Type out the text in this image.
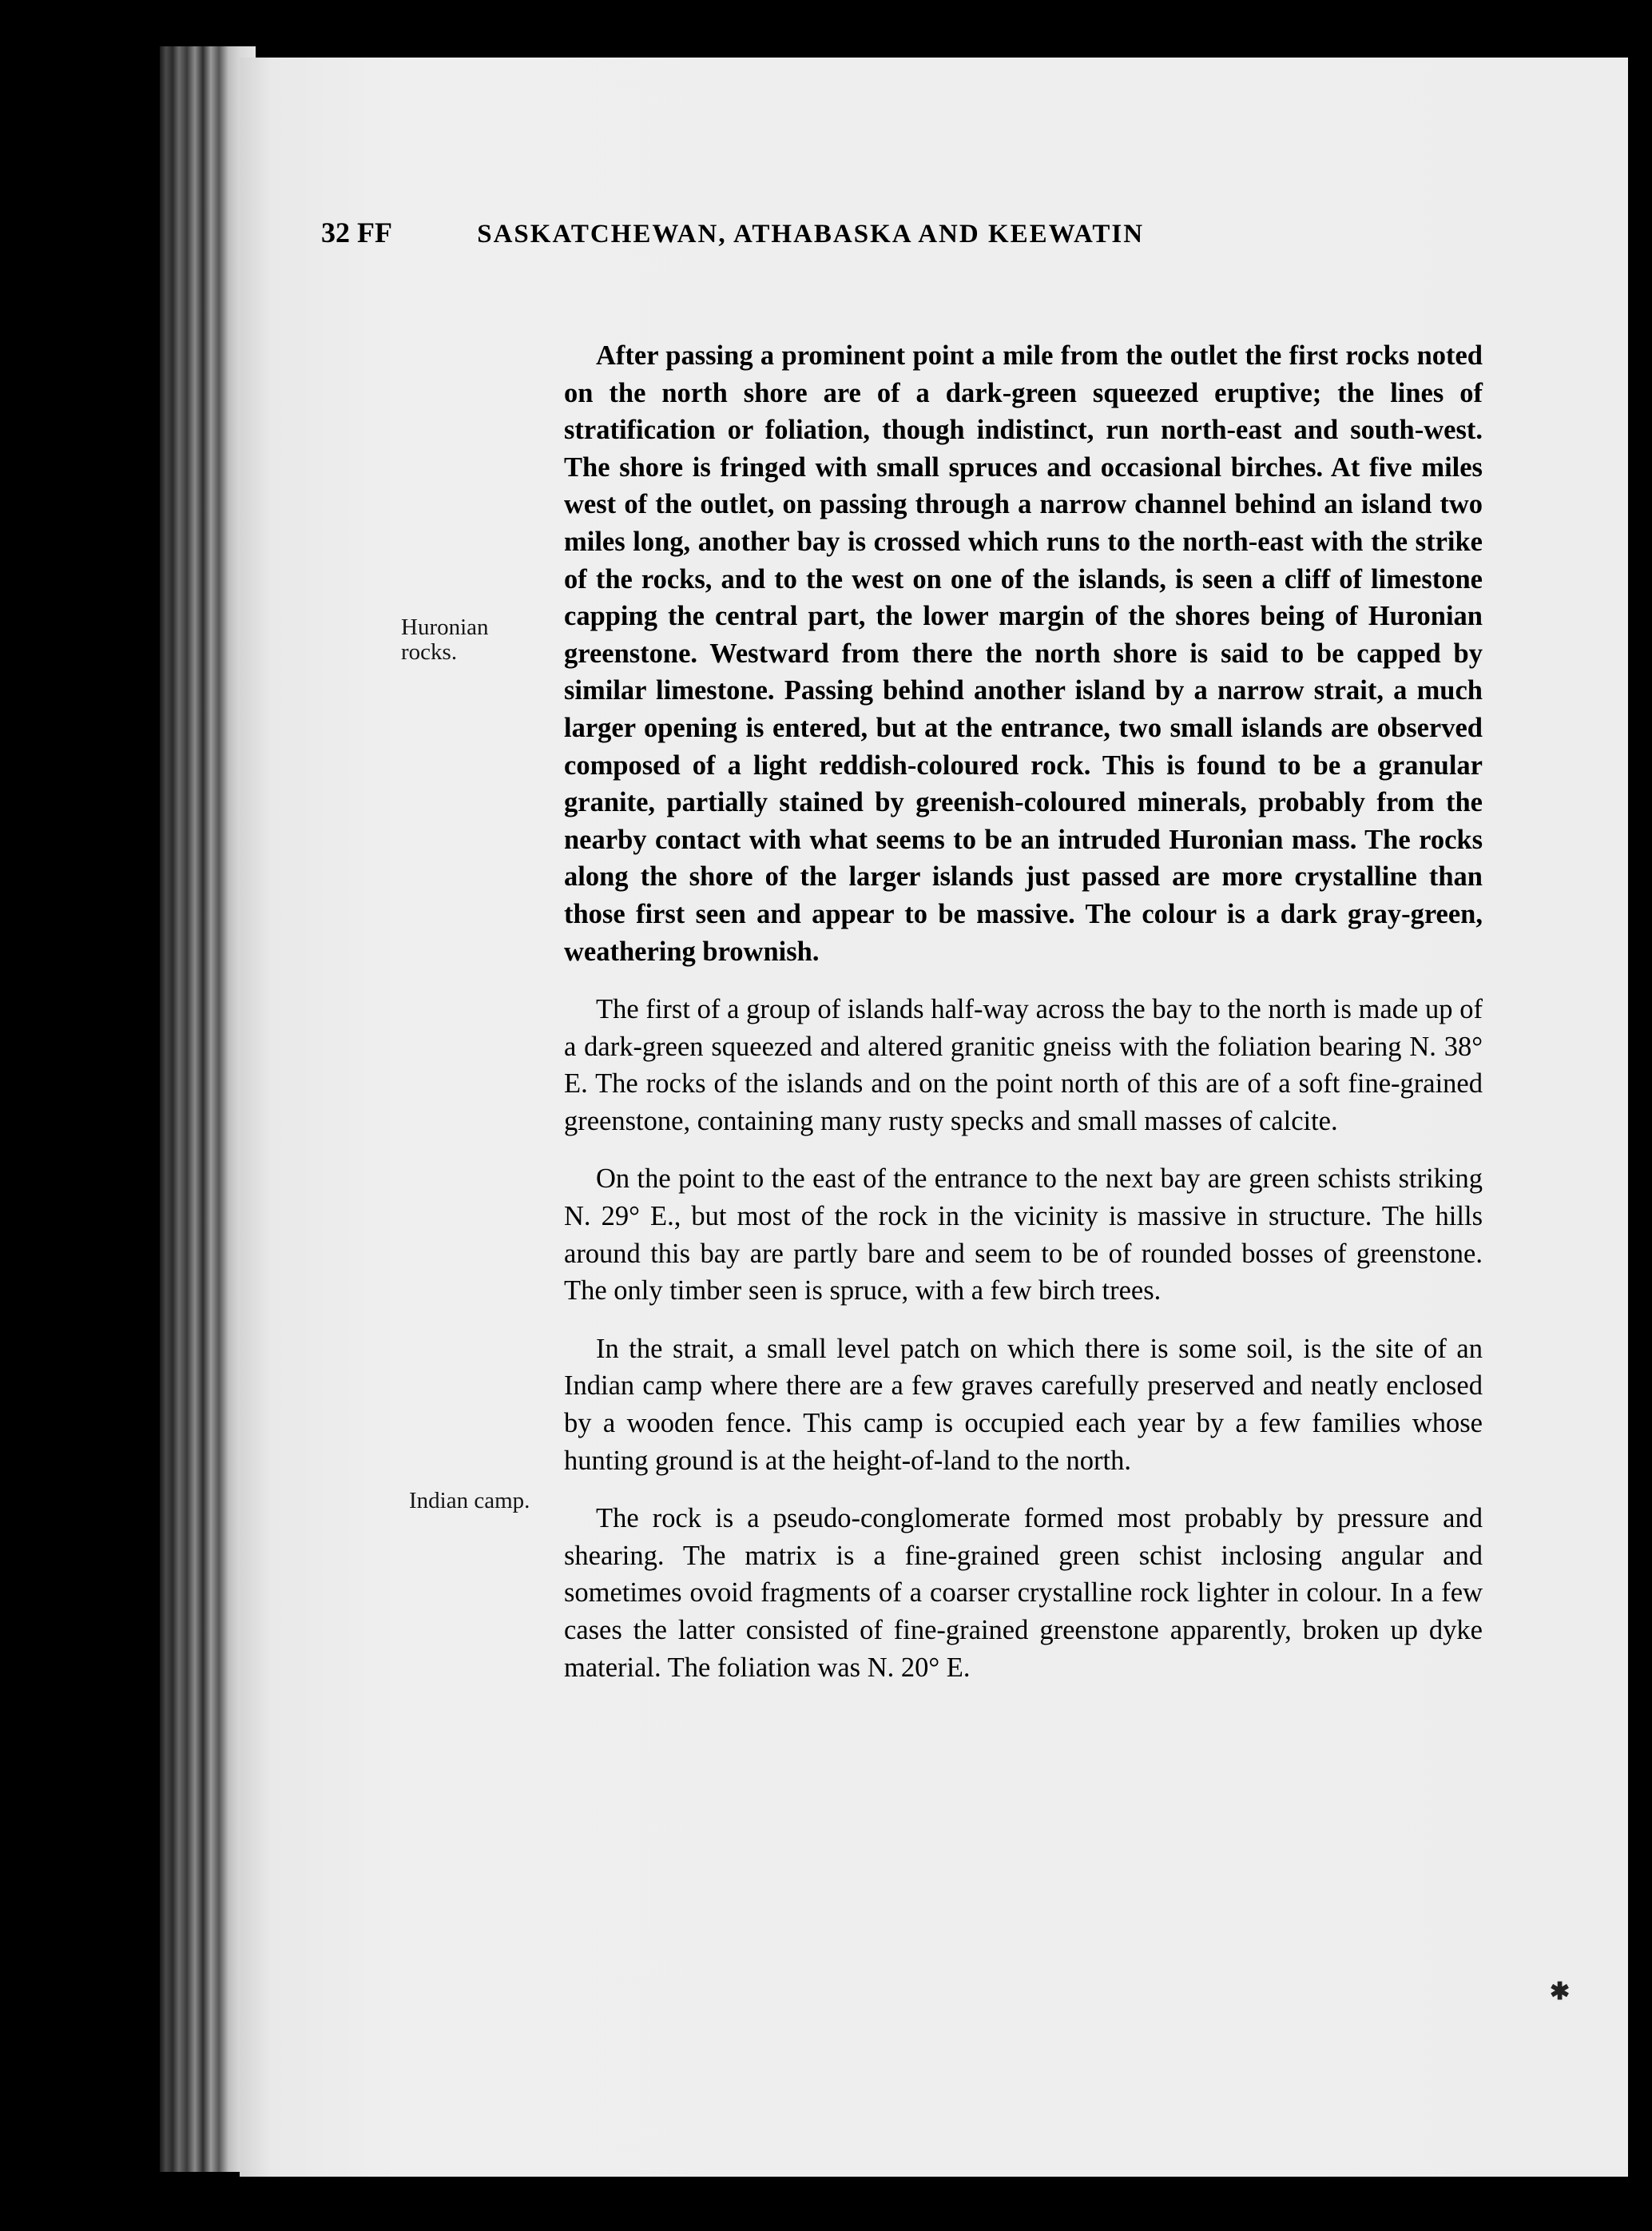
32 FF	SASKATCHEWAN, ATHABASKA AND KEEWATIN
Huronian rocks.
Indian camp.

After passing a prominent point a mile from the outlet the first rocks noted on the north shore are of a dark-green squeezed eruptive; the lines of stratification or foliation, though indistinct, run north-east and south-west. The shore is fringed with small spruces and occasional birches. At five miles west of the outlet, on passing through a narrow channel behind an island two miles long, another bay is crossed which runs to the north-east with the strike of the rocks, and to the west on one of the islands, is seen a cliff of limestone capping the central part, the lower margin of the shores being of Huronian greenstone. Westward from there the north shore is said to be capped by similar limestone. Passing behind another island by a narrow strait, a much larger opening is entered, but at the entrance, two small islands are observed composed of a light reddish-coloured rock. This is found to be a granular granite, partially stained by greenish-coloured minerals, probably from the nearby contact with what seems to be an intruded Huronian mass. The rocks along the shore of the larger islands just passed are more crystalline than those first seen and appear to be massive. The colour is a dark gray-green, weathering brownish.

The first of a group of islands half-way across the bay to the north is made up of a dark-green squeezed and altered granitic gneiss with the foliation bearing N. 38° E. The rocks of the islands and on the point north of this are of a soft fine-grained greenstone, containing many rusty specks and small masses of calcite.

On the point to the east of the entrance to the next bay are green schists striking N. 29° E., but most of the rock in the vicinity is massive in structure. The hills around this bay are partly bare and seem to be of rounded bosses of greenstone. The only timber seen is spruce, with a few birch trees.

In the strait, a small level patch on which there is some soil, is the site of an Indian camp where there are a few graves carefully preserved and neatly enclosed by a wooden fence. This camp is occupied each year by a few families whose hunting ground is at the height-of-land to the north.

The rock is a pseudo-conglomerate formed most probably by pressure and shearing. The matrix is a fine-grained green schist inclosing angular and sometimes ovoid fragments of a coarser crystalline rock lighter in colour. In a few cases the latter consisted of fine-grained greenstone apparently, broken up dyke material. The foliation was N. 20° E.

✱
